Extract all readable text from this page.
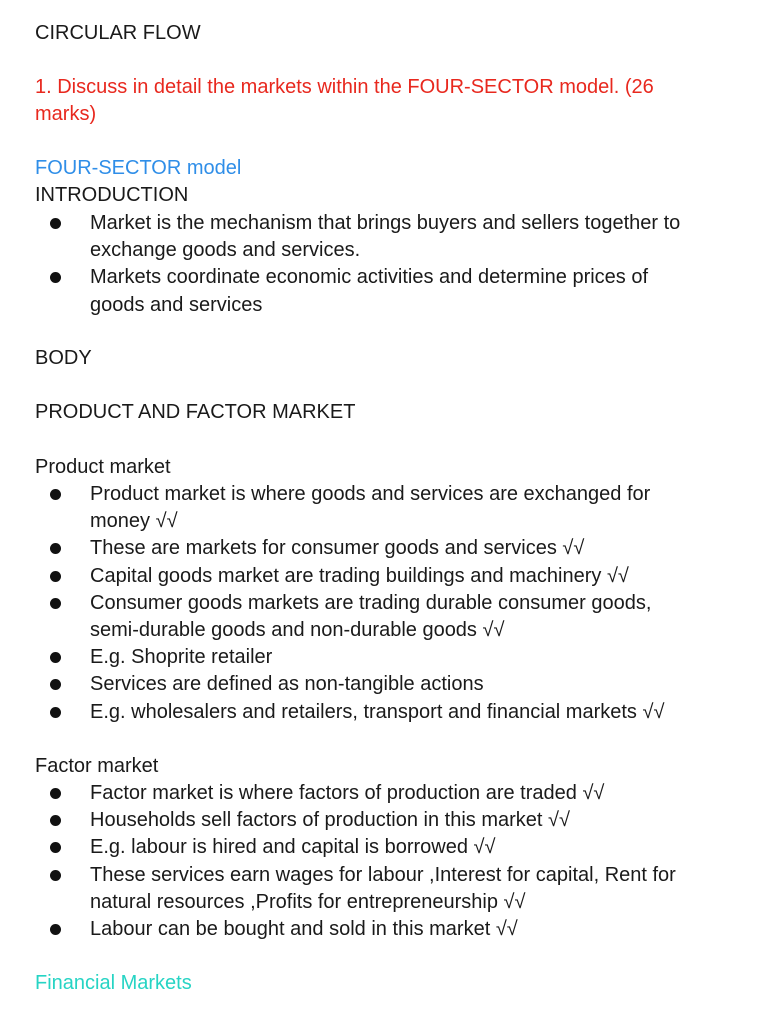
CIRCULAR FLOW
1. Discuss in detail the markets within the FOUR-SECTOR model. (26
marks)
FOUR-SECTOR model
INTRODUCTION
Market is the mechanism that brings buyers and sellers together to
exchange goods and services.
Markets coordinate economic activities and determine prices of
goods and services
BODY
PRODUCT AND FACTOR MARKET
Product market
Product market is where goods and services are exchanged for
money √√
These are markets for consumer goods and services √√
Capital goods market are trading buildings and machinery √√
Consumer goods markets are trading durable consumer goods,
semi-durable goods and non-durable goods √√
E.g. Shoprite retailer
Services are defined as non-tangible actions
E.g. wholesalers and retailers, transport and financial markets √√
Factor market
Factor market is where factors of production are traded √√
Households sell factors of production in this market √√
E.g. labour is hired and capital is borrowed √√
These services earn wages for labour ,Interest for capital, Rent for
natural resources ,Profits for entrepreneurship √√
Labour can be bought and sold in this market √√
Financial Markets
